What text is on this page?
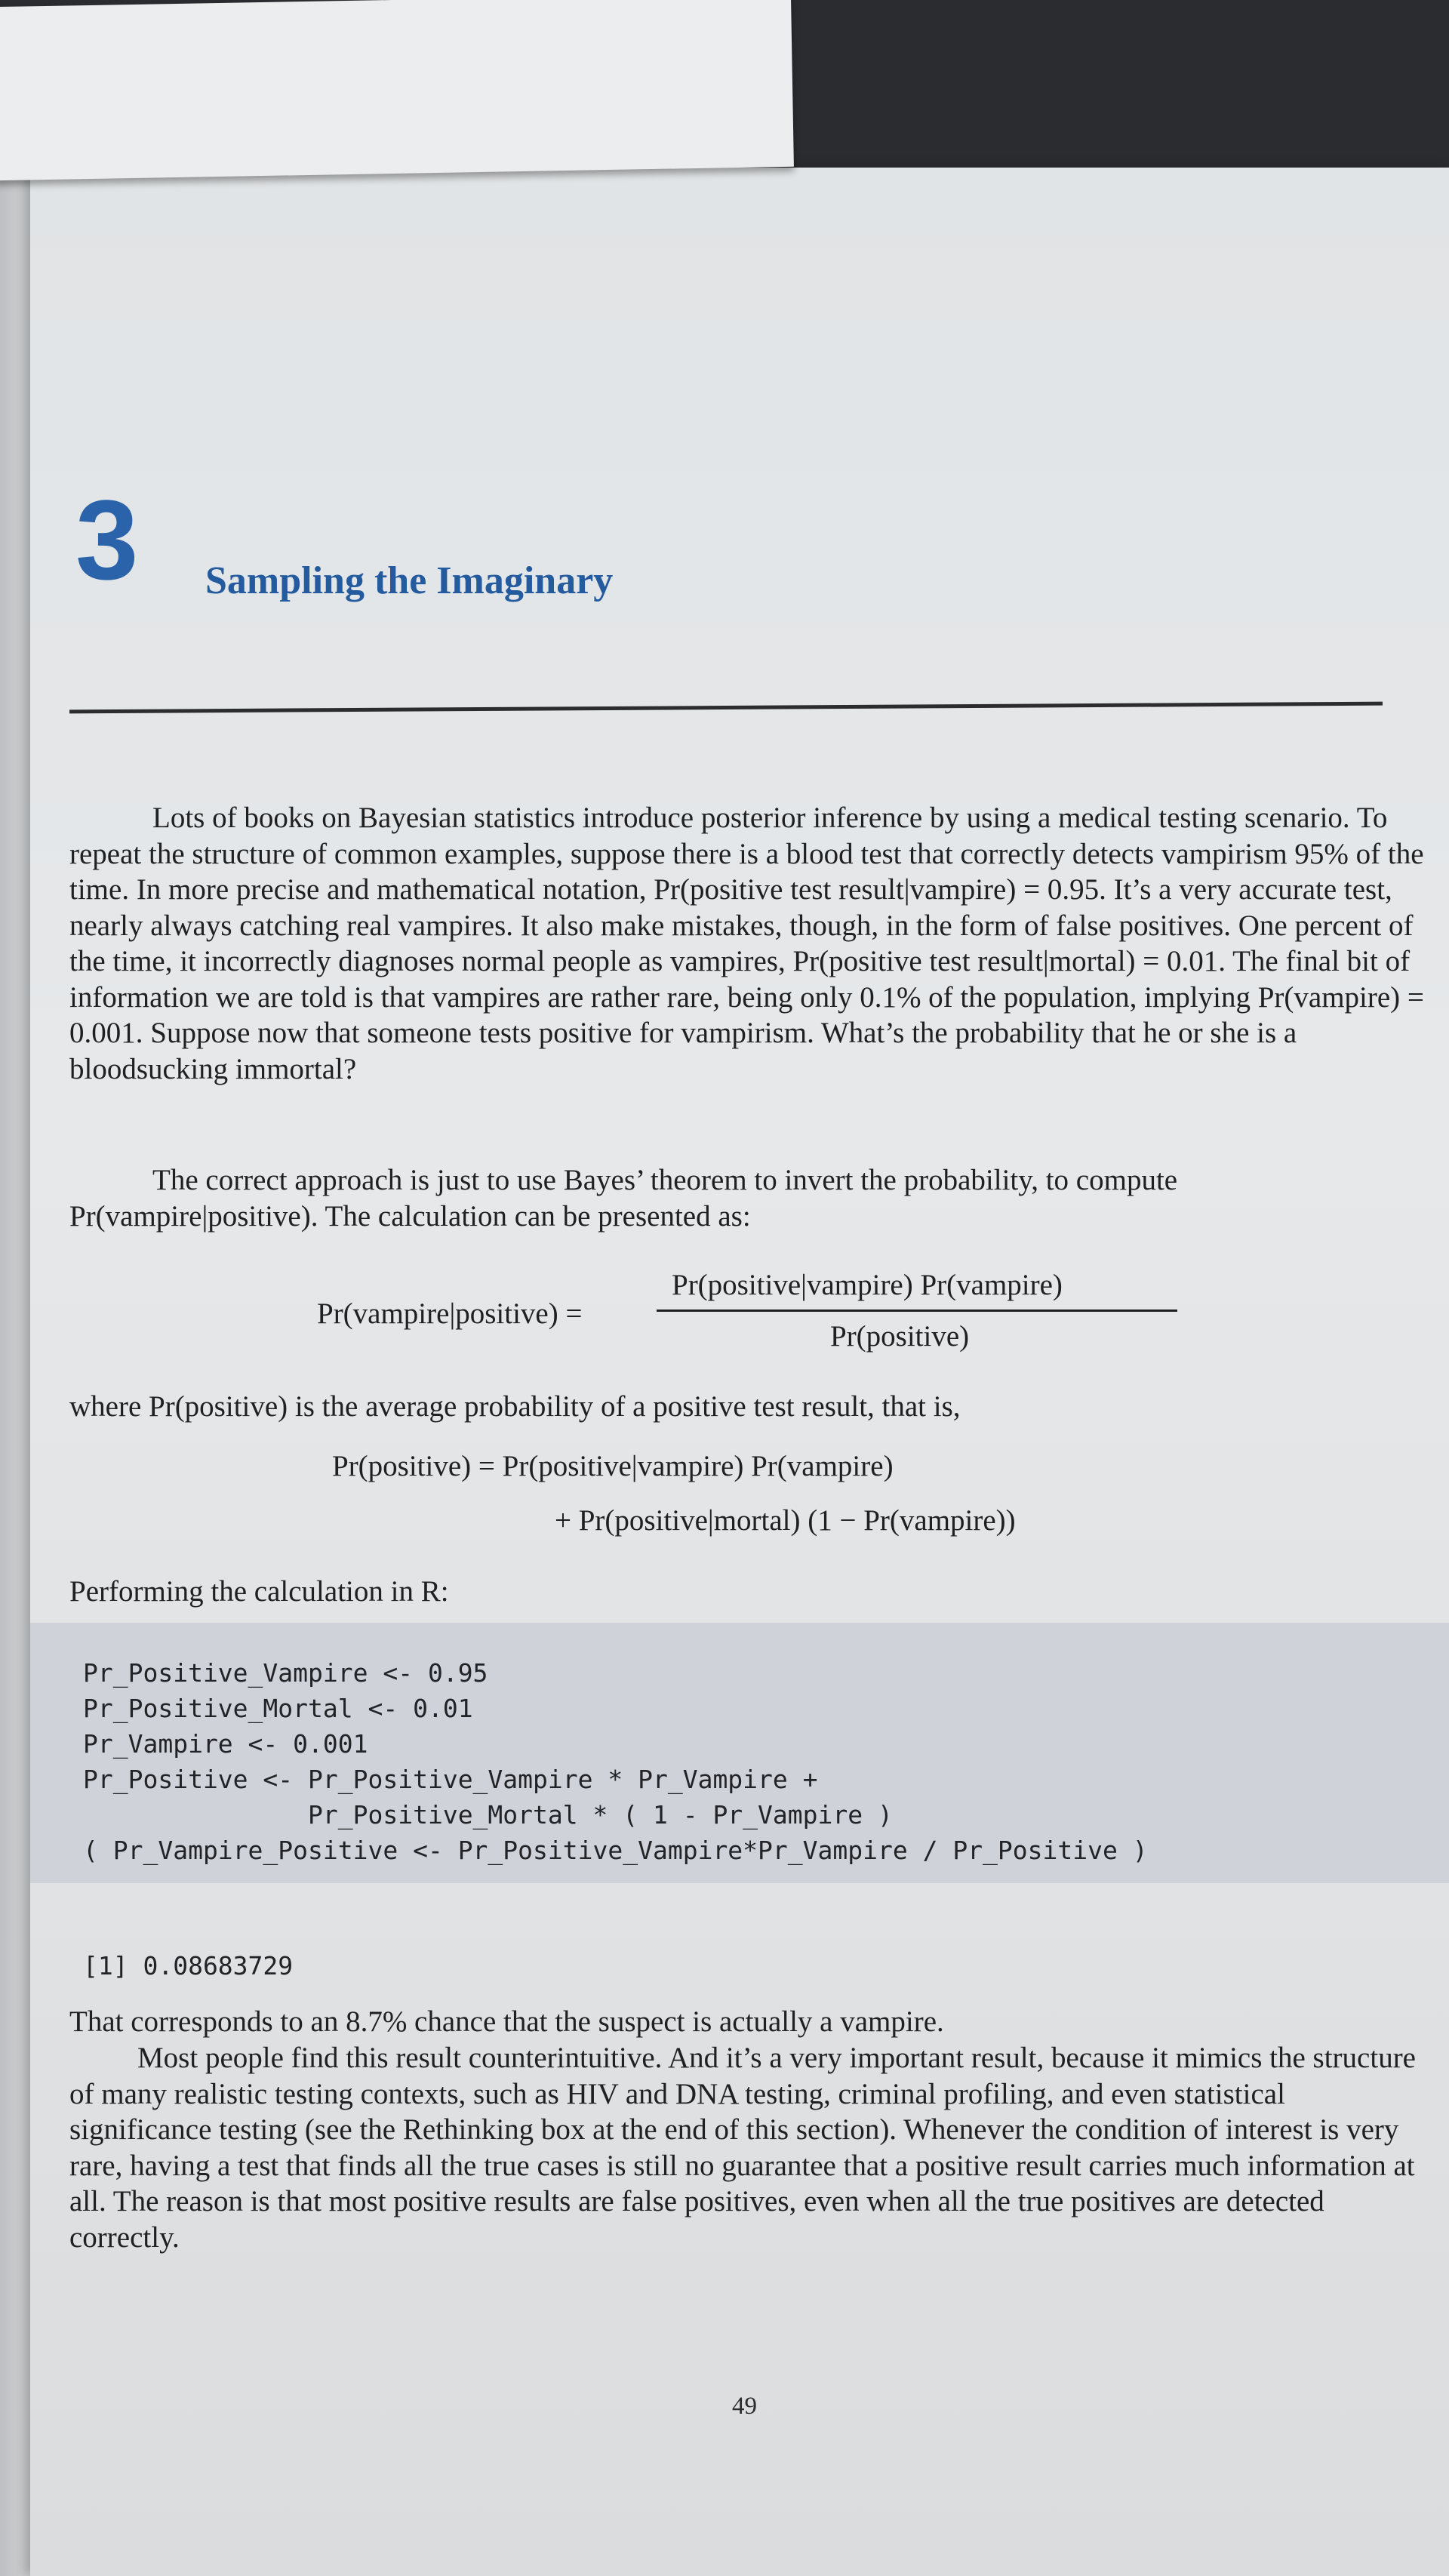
3 Sampling the Imaginary
Lots of books on Bayesian statistics introduce posterior inference by using a medical testing scenario. To repeat the structure of common examples, suppose there is a blood test that correctly detects vampirism 95% of the time. In more precise and mathematical notation, Pr(positive test result|vampire) = 0.95. It’s a very accurate test, nearly always catching real vampires. It also make mistakes, though, in the form of false positives. One percent of the time, it incorrectly diagnoses normal people as vampires, Pr(positive test result|mortal) = 0.01. The final bit of information we are told is that vampires are rather rare, being only 0.1% of the population, implying Pr(vampire) = 0.001. Suppose now that someone tests positive for vampirism. What’s the probability that he or she is a bloodsucking immortal?
The correct approach is just to use Bayes’ theorem to invert the probability, to compute Pr(vampire|positive). The calculation can be presented as:
Pr(vampire|positive) =
Pr(positive|vampire) Pr(vampire)
Pr(positive)
where Pr(positive) is the average probability of a positive test result, that is,
Pr(positive) = Pr(positive|vampire) Pr(vampire)
+ Pr(positive|mortal) (1 − Pr(vampire))
Performing the calculation in R:
Pr_Positive_Vampire <- 0.95
Pr_Positive_Mortal <- 0.01
Pr_Vampire <- 0.001
Pr_Positive <- Pr_Positive_Vampire * Pr_Vampire +
Pr_Positive_Mortal * ( 1 - Pr_Vampire )
( Pr_Vampire_Positive <- Pr_Positive_Vampire*Pr_Vampire / Pr_Positive )
[1] 0.08683729
That corresponds to an 8.7% chance that the suspect is actually a vampire.
Most people find this result counterintuitive. And it’s a very important result, because it mimics the structure of many realistic testing contexts, such as HIV and DNA testing, criminal profiling, and even statistical significance testing (see the Rethinking box at the end of this section). Whenever the condition of interest is very rare, having a test that finds all the true cases is still no guarantee that a positive result carries much information at all. The reason is that most positive results are false positives, even when all the true positives are detected correctly.
49
